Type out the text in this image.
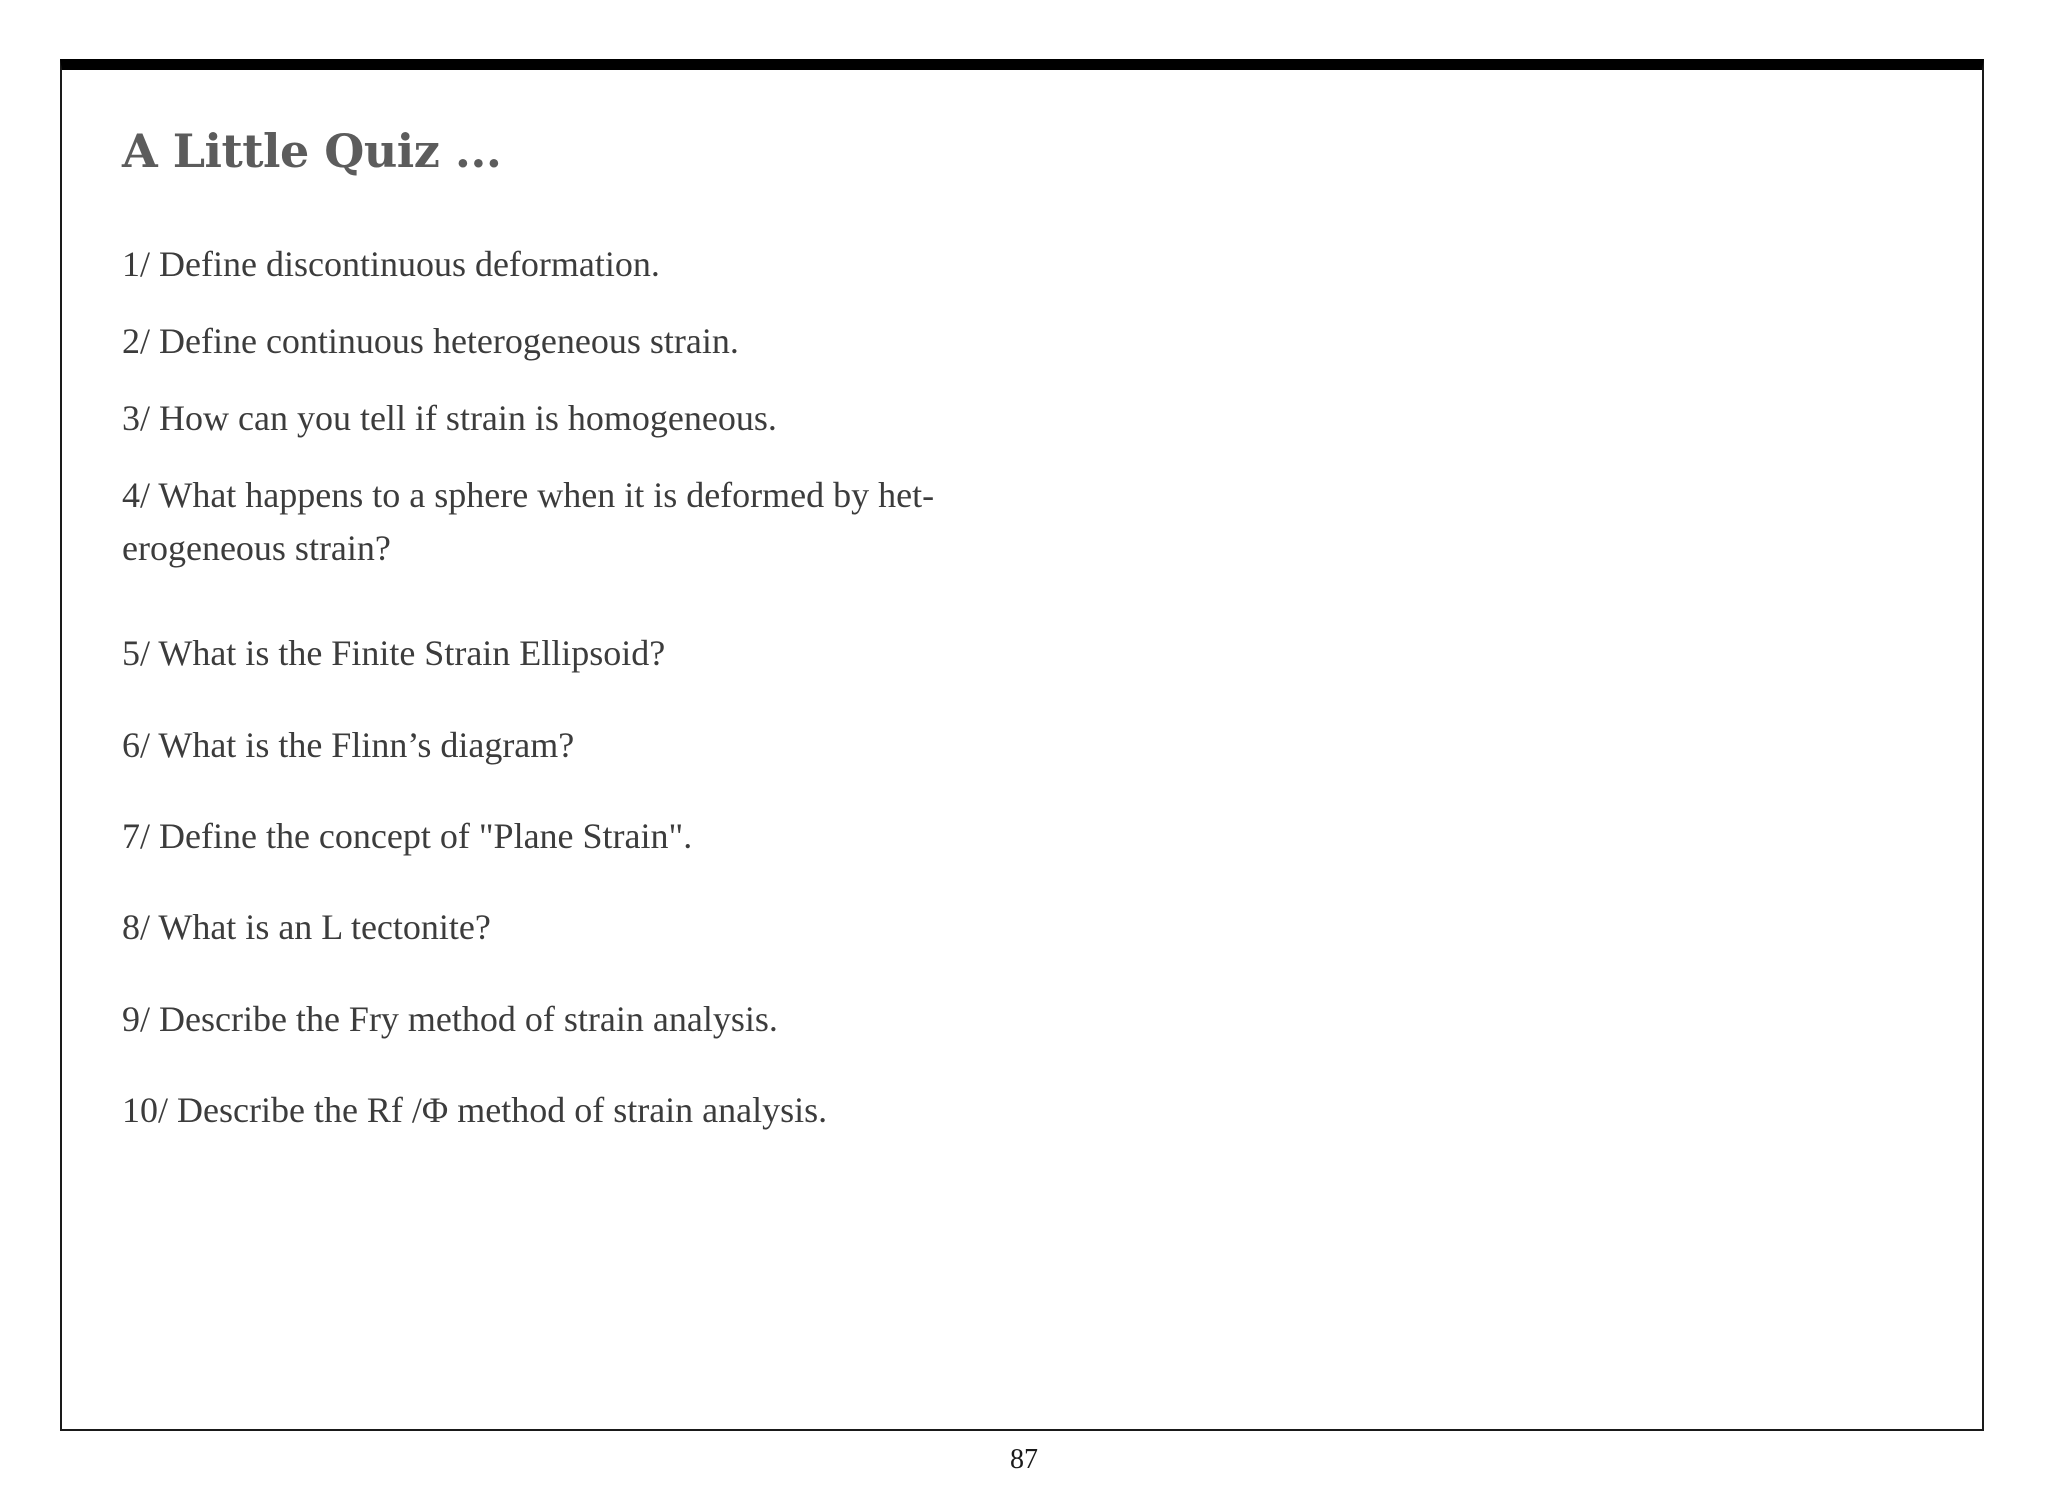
A Little Quiz ...

1/ Define discontinuous deformation.

2/ Define continuous heterogeneous strain.

3/ How can you tell if strain is homogeneous.

4/ What happens to a sphere when it is deformed by het-
erogeneous strain?

5/ What is the Finite Strain Ellipsoid?

6/ What is the Flinn’s diagram?

7/ Define the concept of "Plane Strain".

8/ What is an L tectonite?

9/ Describe the Fry method of strain analysis.

10/ Describe the Rf /Φ method of strain analysis.

87
